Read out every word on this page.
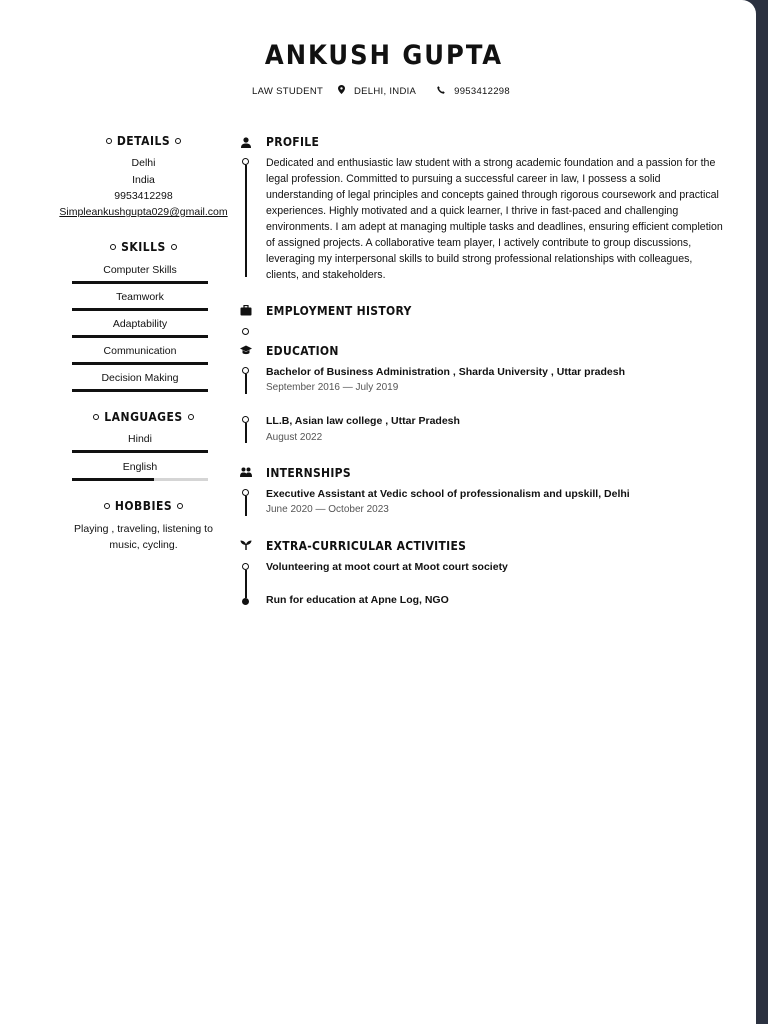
ANKUSH GUPTA
LAW STUDENT	DELHI, INDIA	9953412298
DETAILS
Delhi
India
9953412298
Simpleankushgupta029@gmail.com
SKILLS
Computer Skills
Teamwork
Adaptability
Communication
Decision Making
LANGUAGES
Hindi
English
HOBBIES
Playing , traveling, listening to
music, cycling.
PROFILE
Dedicated and enthusiastic law student with a strong academic foundation and a passion for the legal profession. Committed to pursuing a successful career in law, I possess a solid understanding of legal principles and concepts gained through rigorous coursework and practical experiences. Highly motivated and a quick learner, I thrive in fast-paced and challenging environments. I am adept at managing multiple tasks and deadlines, ensuring efficient completion of assigned projects. A collaborative team player, I actively contribute to group discussions, leveraging my interpersonal skills to build strong professional relationships with colleagues, clients, and stakeholders.
EMPLOYMENT HISTORY
EDUCATION
Bachelor of Business Administration , Sharda University , Uttar pradesh
September 2016 — July 2019
LL.B, Asian law college , Uttar Pradesh
August 2022
INTERNSHIPS
Executive Assistant at Vedic school of professionalism and upskill, Delhi
June 2020 — October 2023
EXTRA-CURRICULAR ACTIVITIES
Volunteering at moot court at Moot court society
Run for education at Apne Log, NGO
